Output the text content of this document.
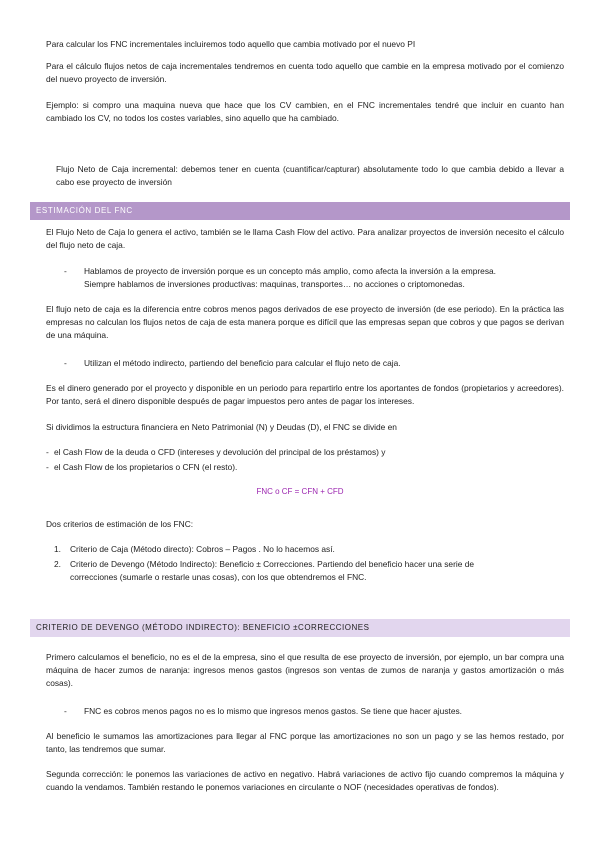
Para calcular los FNC incrementales incluiremos todo aquello que cambia motivado por el nuevo PI

Para el cálculo flujos netos de caja incrementales tendremos en cuenta todo aquello que cambie en la empresa motivado por el comienzo del nuevo proyecto de inversión.

Ejemplo: si compro una maquina nueva que hace que los CV cambien, en el FNC incrementales tendré que incluir en cuanto han cambiado los CV, no todos los costes variables, sino aquello que ha cambiado.

Flujo Neto de Caja incremental: debemos tener en cuenta (cuantificar/capturar) absolutamente todo lo que cambia debido a llevar a cabo ese proyecto de inversión

ESTIMACIÓN DEL FNC

El Flujo Neto de Caja lo genera el activo, también se le llama Cash Flow del activo. Para analizar proyectos de inversión necesito el cálculo del flujo neto de caja.

-	Hablamos de proyecto de inversión porque es un concepto más amplio, como afecta la inversión a la empresa.

Siempre hablamos de inversiones productivas: maquinas, transportes… no acciones o criptomonedas.

El flujo neto de caja es la diferencia entre cobros menos pagos derivados de ese proyecto de inversión (de ese periodo). En la práctica las empresas no calculan los flujos netos de caja de esta manera porque es difícil que las empresas sepan que cobros y que pagos se derivan de una máquina.

-	Utilizan el método indirecto, partiendo del beneficio para calcular el flujo neto de caja.

Es el dinero generado por el proyecto y disponible en un periodo para repartirlo entre los aportantes de fondos (propietarios y acreedores). Por tanto, será el dinero disponible después de pagar impuestos pero antes de pagar los intereses.

Si dividimos la estructura financiera en Neto Patrimonial (N) y Deudas (D), el FNC se divide en

- el Cash Flow de la deuda o CFD (intereses y devolución del principal de los préstamos) y

- el Cash Flow de los propietarios o CFN (el resto).

FNC o CF = CFN + CFD

Dos criterios de estimación de los FNC:

1. Criterio de Caja (Método directo): Cobros – Pagos . No lo hacemos así.

2. Criterio de Devengo (Método Indirecto): Beneficio ± Correcciones. Partiendo del beneficio hacer una serie de

correcciones (sumarle o restarle unas cosas), con los que obtendremos el FNC.

CRITERIO DE DEVENGO (MÉTODO INDIRECTO): BENEFICIO ±CORRECCIONES

Primero calculamos el beneficio, no es el de la empresa, sino el que resulta de ese proyecto de inversión, por ejemplo, un bar compra una máquina de hacer zumos de naranja: ingresos menos gastos (ingresos son ventas de zumos de naranja y gastos amortización o más cosas).

-	FNC es cobros menos pagos no es lo mismo que ingresos menos gastos. Se tiene que hacer ajustes.

Al beneficio le sumamos las amortizaciones para llegar al FNC porque las amortizaciones no son un pago y se las hemos restado, por tanto, las tendremos que sumar.

Segunda corrección: le ponemos las variaciones de activo en negativo. Habrá variaciones de activo fijo cuando compremos la máquina y cuando la vendamos. También restando le ponemos variaciones en circulante o NOF (necesidades operativas de fondos).
